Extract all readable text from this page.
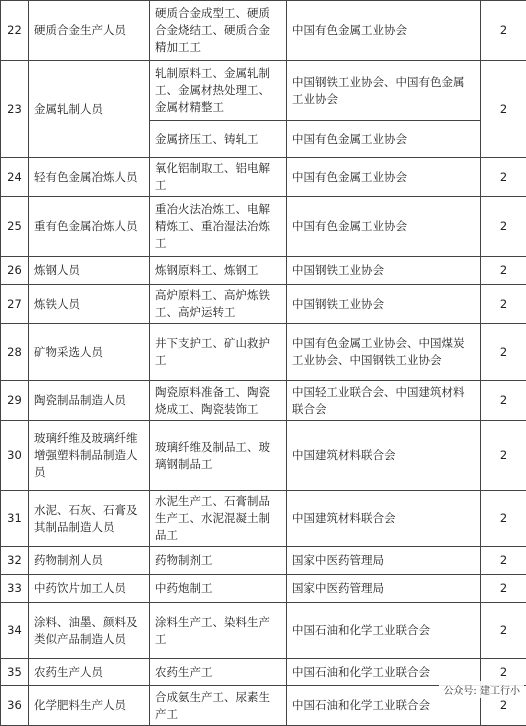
22	硬质合金生产人员	硬质合金成型工、硬质合金烧结工、硬质合金精加工工	中国有色金属工业协会	2
23	金属轧制人员	轧制原料工、金属轧制工、金属材热处理工、金属材精整工	中国钢铁工业协会、中国有色金属工业协会	2
		金属挤压工、铸轧工	中国有色金属工业协会	
24	轻有色金属冶炼人员	氧化铝制取工、铝电解工	中国有色金属工业协会	2
25	重有色金属冶炼人员	重冶火法冶炼工、电解精炼工、重冶湿法冶炼工	中国有色金属工业协会	2
26	炼钢人员	炼钢原料工、炼钢工	中国钢铁工业协会	2
27	炼铁人员	高炉原料工、高炉炼铁工、高炉运转工	中国钢铁工业协会	2
28	矿物采选人员	井下支护工、矿山救护工	中国有色金属工业协会、中国煤炭工业协会、中国钢铁工业协会	2
29	陶瓷制品制造人员	陶瓷原料准备工、陶瓷烧成工、陶瓷装饰工	中国轻工业联合会、中国建筑材料联合会	2
30	玻璃纤维及玻璃纤维增强塑料制品制造人员	玻璃纤维及制品工、玻璃钢制品工	中国建筑材料联合会	2
31	水泥、石灰、石膏及其制品制造人员	水泥生产工、石膏制品生产工、水泥混凝土制品工	中国建筑材料联合会	2
32	药物制剂人员	药物制剂工	国家中医药管理局	2
33	中药饮片加工人员	中药炮制工	国家中医药管理局	2
34	涂料、油墨、颜料及类似产品制造人员	涂料生产工、染料生产工	中国石油和化学工业联合会	2
35	农药生产人员	农药生产工	中国石油和化学工业联合会	2
36	化学肥料生产人员	合成氨生产工、尿素生产工	中国石油和化学工业联合会	2
公众号: 建工行小
